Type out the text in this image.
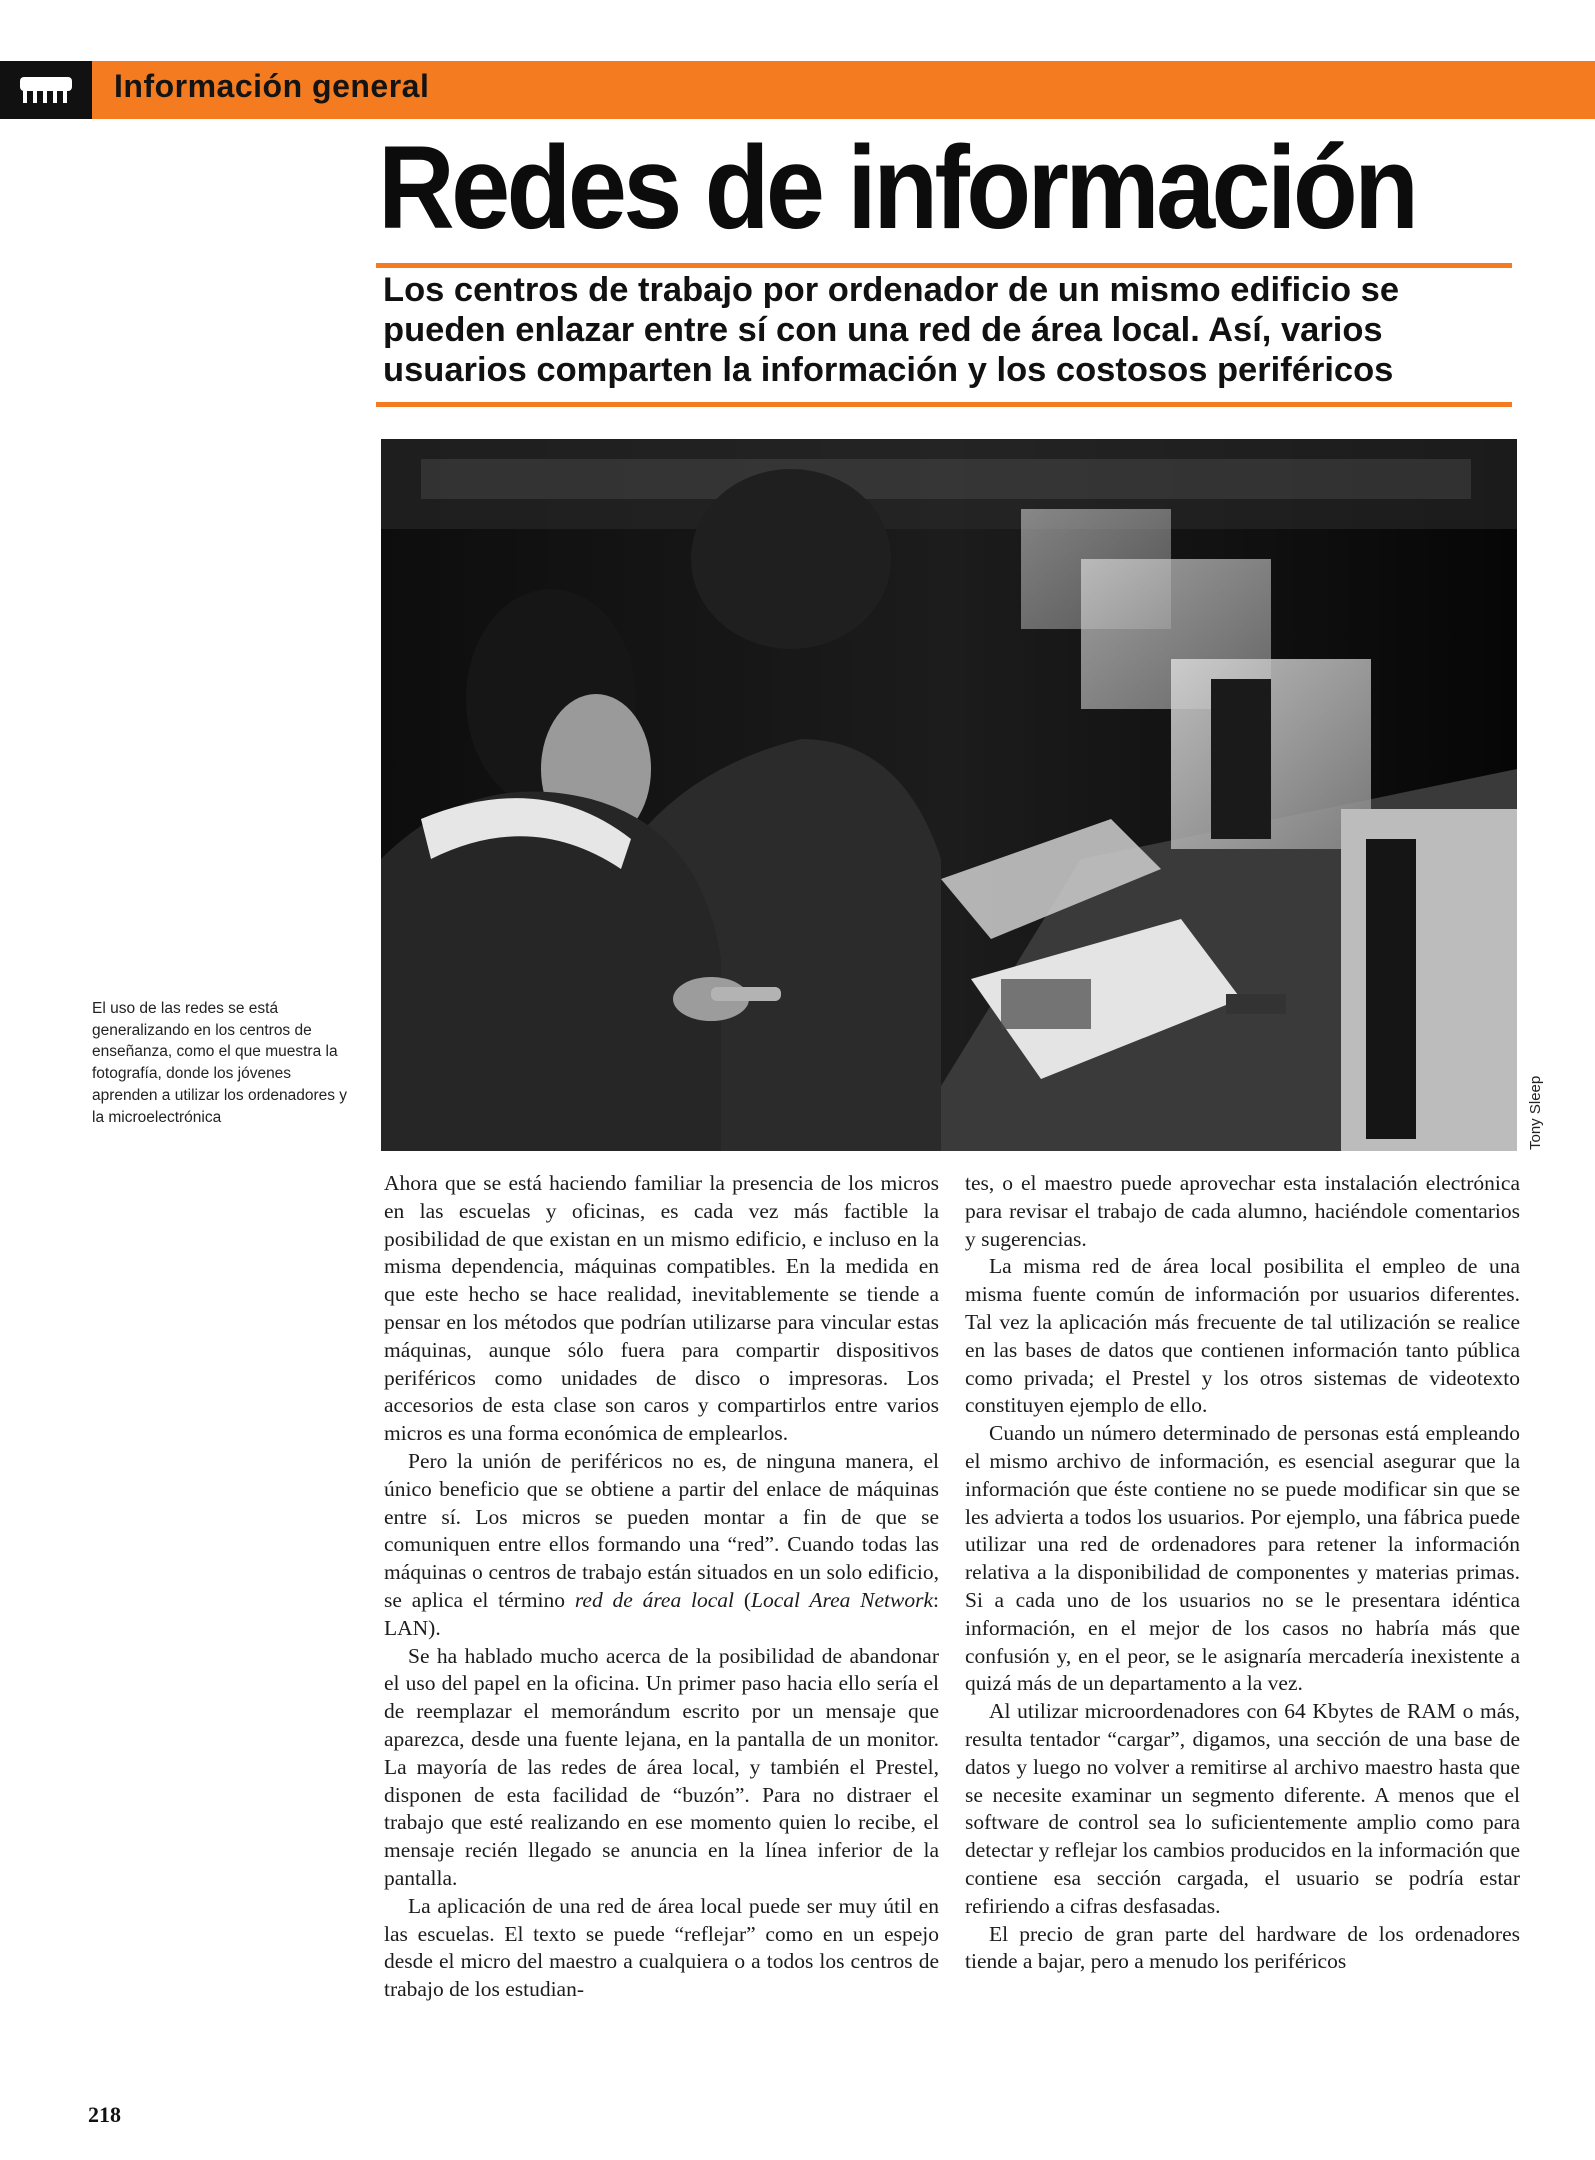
Información general
Redes de información
Los centros de trabajo por ordenador de un mismo edificio se pueden enlazar entre sí con una red de área local. Así, varios usuarios comparten la información y los costosos periféricos
Tony Sleep
El uso de las redes se está generalizando en los centros de enseñanza, como el que muestra la fotografía, donde los jóvenes aprenden a utilizar los ordenadores y la microelectrónica

Ahora que se está haciendo familiar la presencia de los micros en las escuelas y oficinas, es cada vez más factible la posibilidad de que existan en un mismo edificio, e incluso en la misma dependencia, máquinas compatibles. En la medida en que este hecho se hace realidad, inevitablemente se tiende a pensar en los métodos que podrían utilizarse para vincular estas máquinas, aunque sólo fuera para compartir dispositivos periféricos como unidades de disco o impresoras. Los accesorios de esta clase son caros y compartirlos entre varios micros es una forma económica de emplearlos.

Pero la unión de periféricos no es, de ninguna manera, el único beneficio que se obtiene a partir del enlace de máquinas entre sí. Los micros se pueden montar a fin de que se comuniquen entre ellos formando una “red”. Cuando todas las máquinas o centros de trabajo están situados en un solo edificio, se aplica el término red de área local (Local Area Network: LAN).

Se ha hablado mucho acerca de la posibilidad de abandonar el uso del papel en la oficina. Un primer paso hacia ello sería el de reemplazar el memorándum escrito por un mensaje que aparezca, desde una fuente lejana, en la pantalla de un monitor. La mayoría de las redes de área local, y también el Prestel, disponen de esta facilidad de “buzón”. Para no distraer el trabajo que esté realizando en ese momento quien lo recibe, el mensaje recién llegado se anuncia en la línea inferior de la pantalla.

La aplicación de una red de área local puede ser muy útil en las escuelas. El texto se puede “reflejar” como en un espejo desde el micro del maestro a cualquiera o a todos los centros de trabajo de los estudian-

tes, o el maestro puede aprovechar esta instalación electrónica para revisar el trabajo de cada alumno, haciéndole comentarios y sugerencias.

La misma red de área local posibilita el empleo de una misma fuente común de información por usuarios diferentes. Tal vez la aplicación más frecuente de tal utilización se realice en las bases de datos que contienen información tanto pública como privada; el Prestel y los otros sistemas de videotexto constituyen ejemplo de ello.

Cuando un número determinado de personas está empleando el mismo archivo de información, es esencial asegurar que la información que éste contiene no se puede modificar sin que se les advierta a todos los usuarios. Por ejemplo, una fábrica puede utilizar una red de ordenadores para retener la información relativa a la disponibilidad de componentes y materias primas. Si a cada uno de los usuarios no se le presentara idéntica información, en el mejor de los casos no habría más que confusión y, en el peor, se le asignaría mercadería inexistente a quizá más de un departamento a la vez.

Al utilizar microordenadores con 64 Kbytes de RAM o más, resulta tentador “cargar”, digamos, una sección de una base de datos y luego no volver a remitirse al archivo maestro hasta que se necesite examinar un segmento diferente. A menos que el software de control sea lo suficientemente amplio como para detectar y reflejar los cambios producidos en la información que contiene esa sección cargada, el usuario se podría estar refiriendo a cifras desfasadas.

El precio de gran parte del hardware de los ordenadores tiende a bajar, pero a menudo los periféricos

218
